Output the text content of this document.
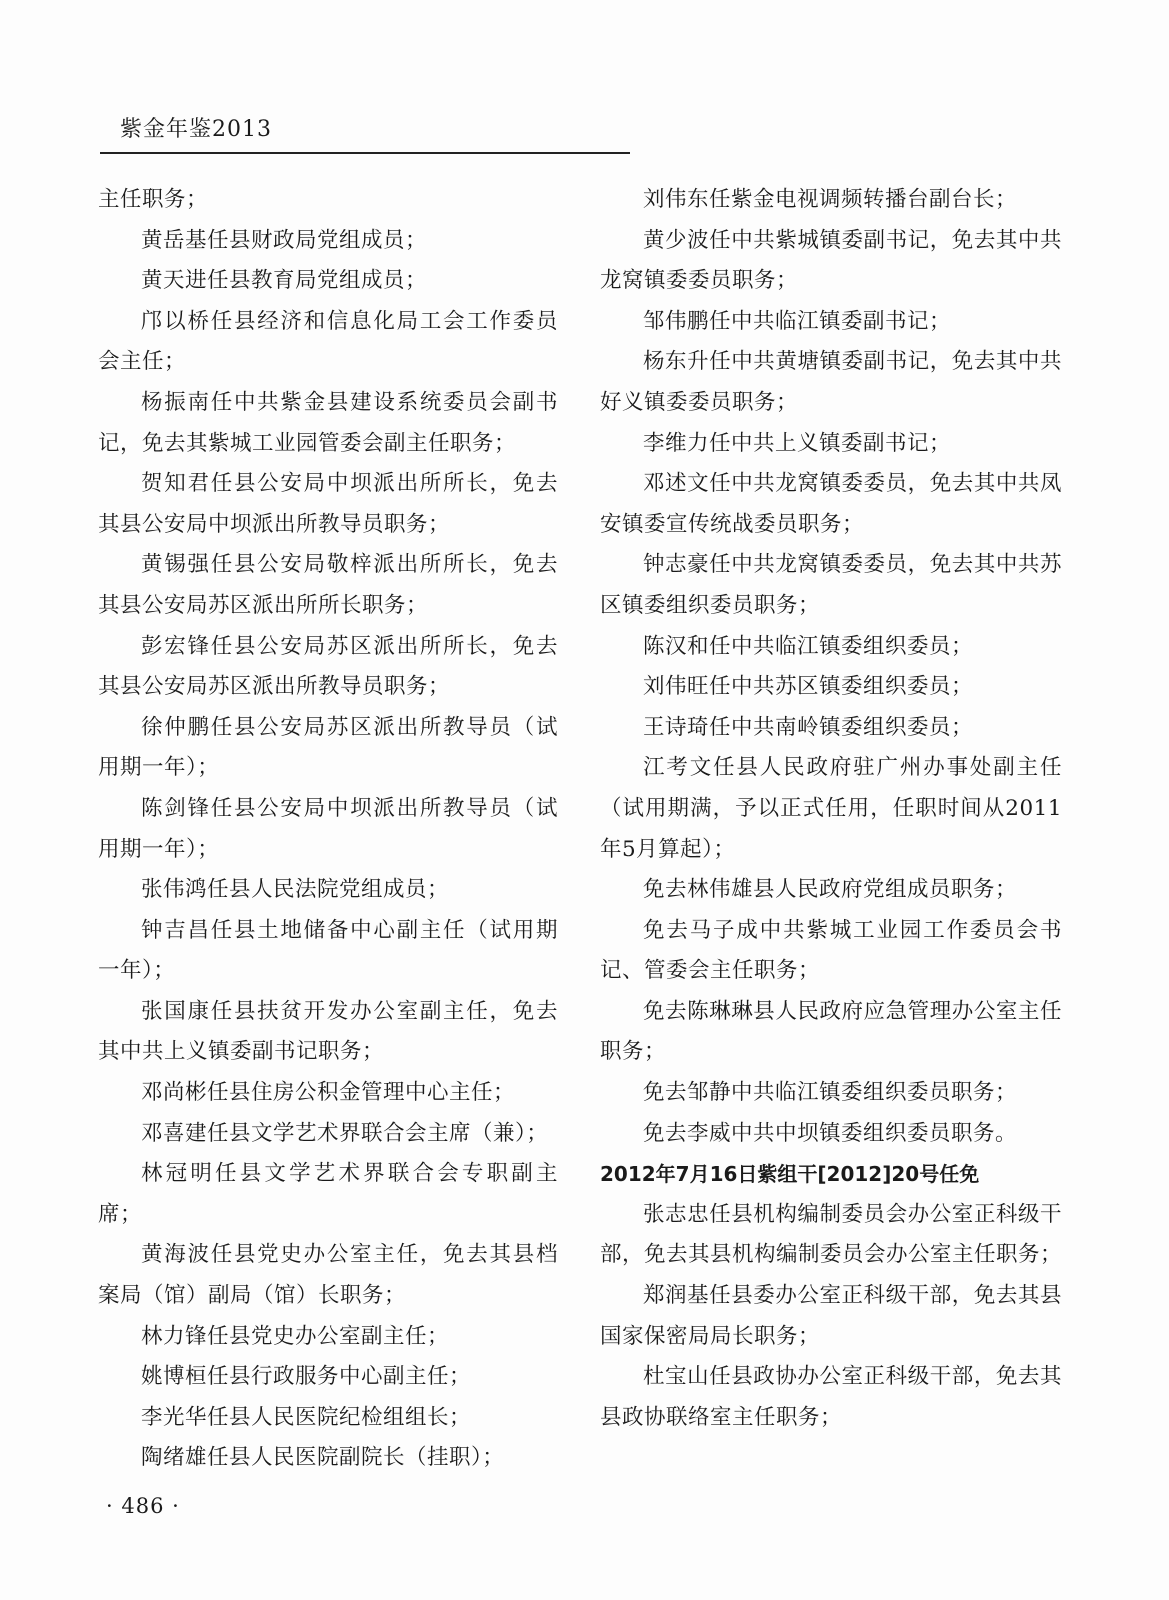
紫金年鉴2013

主任职务；

黄岳基任县财政局党组成员；

黄天进任县教育局党组成员；

邝以桥任县经济和信息化局工会工作委员会主任；

杨振南任中共紫金县建设系统委员会副书记，免去其紫城工业园管委会副主任职务；

贺知君任县公安局中坝派出所所长，免去其县公安局中坝派出所教导员职务；

黄锡强任县公安局敬梓派出所所长，免去其县公安局苏区派出所所长职务；

彭宏锋任县公安局苏区派出所所长，免去其县公安局苏区派出所教导员职务；

徐仲鹏任县公安局苏区派出所教导员（试用期一年）；

陈剑锋任县公安局中坝派出所教导员（试用期一年）；

张伟鸿任县人民法院党组成员；

钟吉昌任县土地储备中心副主任（试用期一年）；

张国康任县扶贫开发办公室副主任，免去其中共上义镇委副书记职务；

邓尚彬任县住房公积金管理中心主任；

邓喜建任县文学艺术界联合会主席（兼）；

林冠明任县文学艺术界联合会专职副主席；

黄海波任县党史办公室主任，免去其县档案局（馆）副局（馆）长职务；

林力锋任县党史办公室副主任；

姚博桓任县行政服务中心副主任；

李光华任县人民医院纪检组组长；

陶绪雄任县人民医院副院长（挂职）；

刘伟东任紫金电视调频转播台副台长；

黄少波任中共紫城镇委副书记，免去其中共龙窝镇委委员职务；

邹伟鹏任中共临江镇委副书记；

杨东升任中共黄塘镇委副书记，免去其中共好义镇委委员职务；

李维力任中共上义镇委副书记；

邓述文任中共龙窝镇委委员，免去其中共凤安镇委宣传统战委员职务；

钟志豪任中共龙窝镇委委员，免去其中共苏区镇委组织委员职务；

陈汉和任中共临江镇委组织委员；

刘伟旺任中共苏区镇委组织委员；

王诗琦任中共南岭镇委组织委员；

江考文任县人民政府驻广州办事处副主任（试用期满，予以正式任用，任职时间从2011年5月算起）；

免去林伟雄县人民政府党组成员职务；

免去马子成中共紫城工业园工作委员会书记、管委会主任职务；

免去陈琳琳县人民政府应急管理办公室主任职务；

免去邹静中共临江镇委组织委员职务；

免去李威中共中坝镇委组织委员职务。

2012年7月16日紫组干[2012]20号任免

张志忠任县机构编制委员会办公室正科级干部，免去其县机构编制委员会办公室主任职务；

郑润基任县委办公室正科级干部，免去其县国家保密局局长职务；

杜宝山任县政协办公室正科级干部，免去其县政协联络室主任职务；

· 486 ·
